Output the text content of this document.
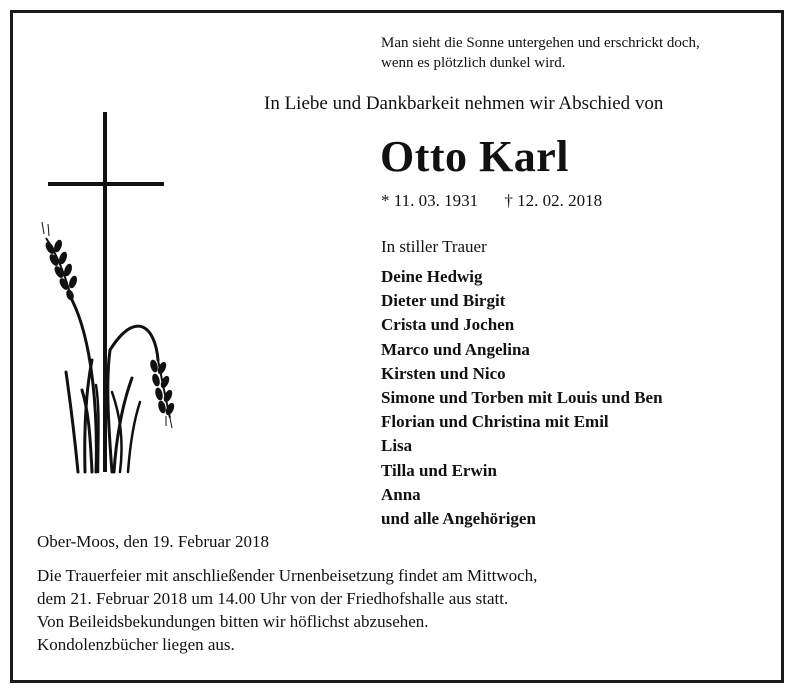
Man sieht die Sonne untergehen und erschrickt doch,
wenn es plötzlich dunkel wird.
In Liebe und Dankbarkeit nehmen wir Abschied von
Otto Karl
* 11. 03. 1931 † 12. 02. 2018
In stiller Trauer
Deine Hedwig
Dieter und Birgit
Crista und Jochen
Marco und Angelina
Kirsten und Nico
Simone und Torben mit Louis und Ben
Florian und Christina mit Emil
Lisa
Tilla und Erwin
Anna
und alle Angehörigen
Ober-Moos, den 19. Februar 2018
Die Trauerfeier mit anschließender Urnenbeisetzung findet am Mittwoch,
dem 21. Februar 2018 um 14.00 Uhr von der Friedhofshalle aus statt.
Von Beileidsbekundungen bitten wir höflichst abzusehen.
Kondolenzbücher liegen aus.
